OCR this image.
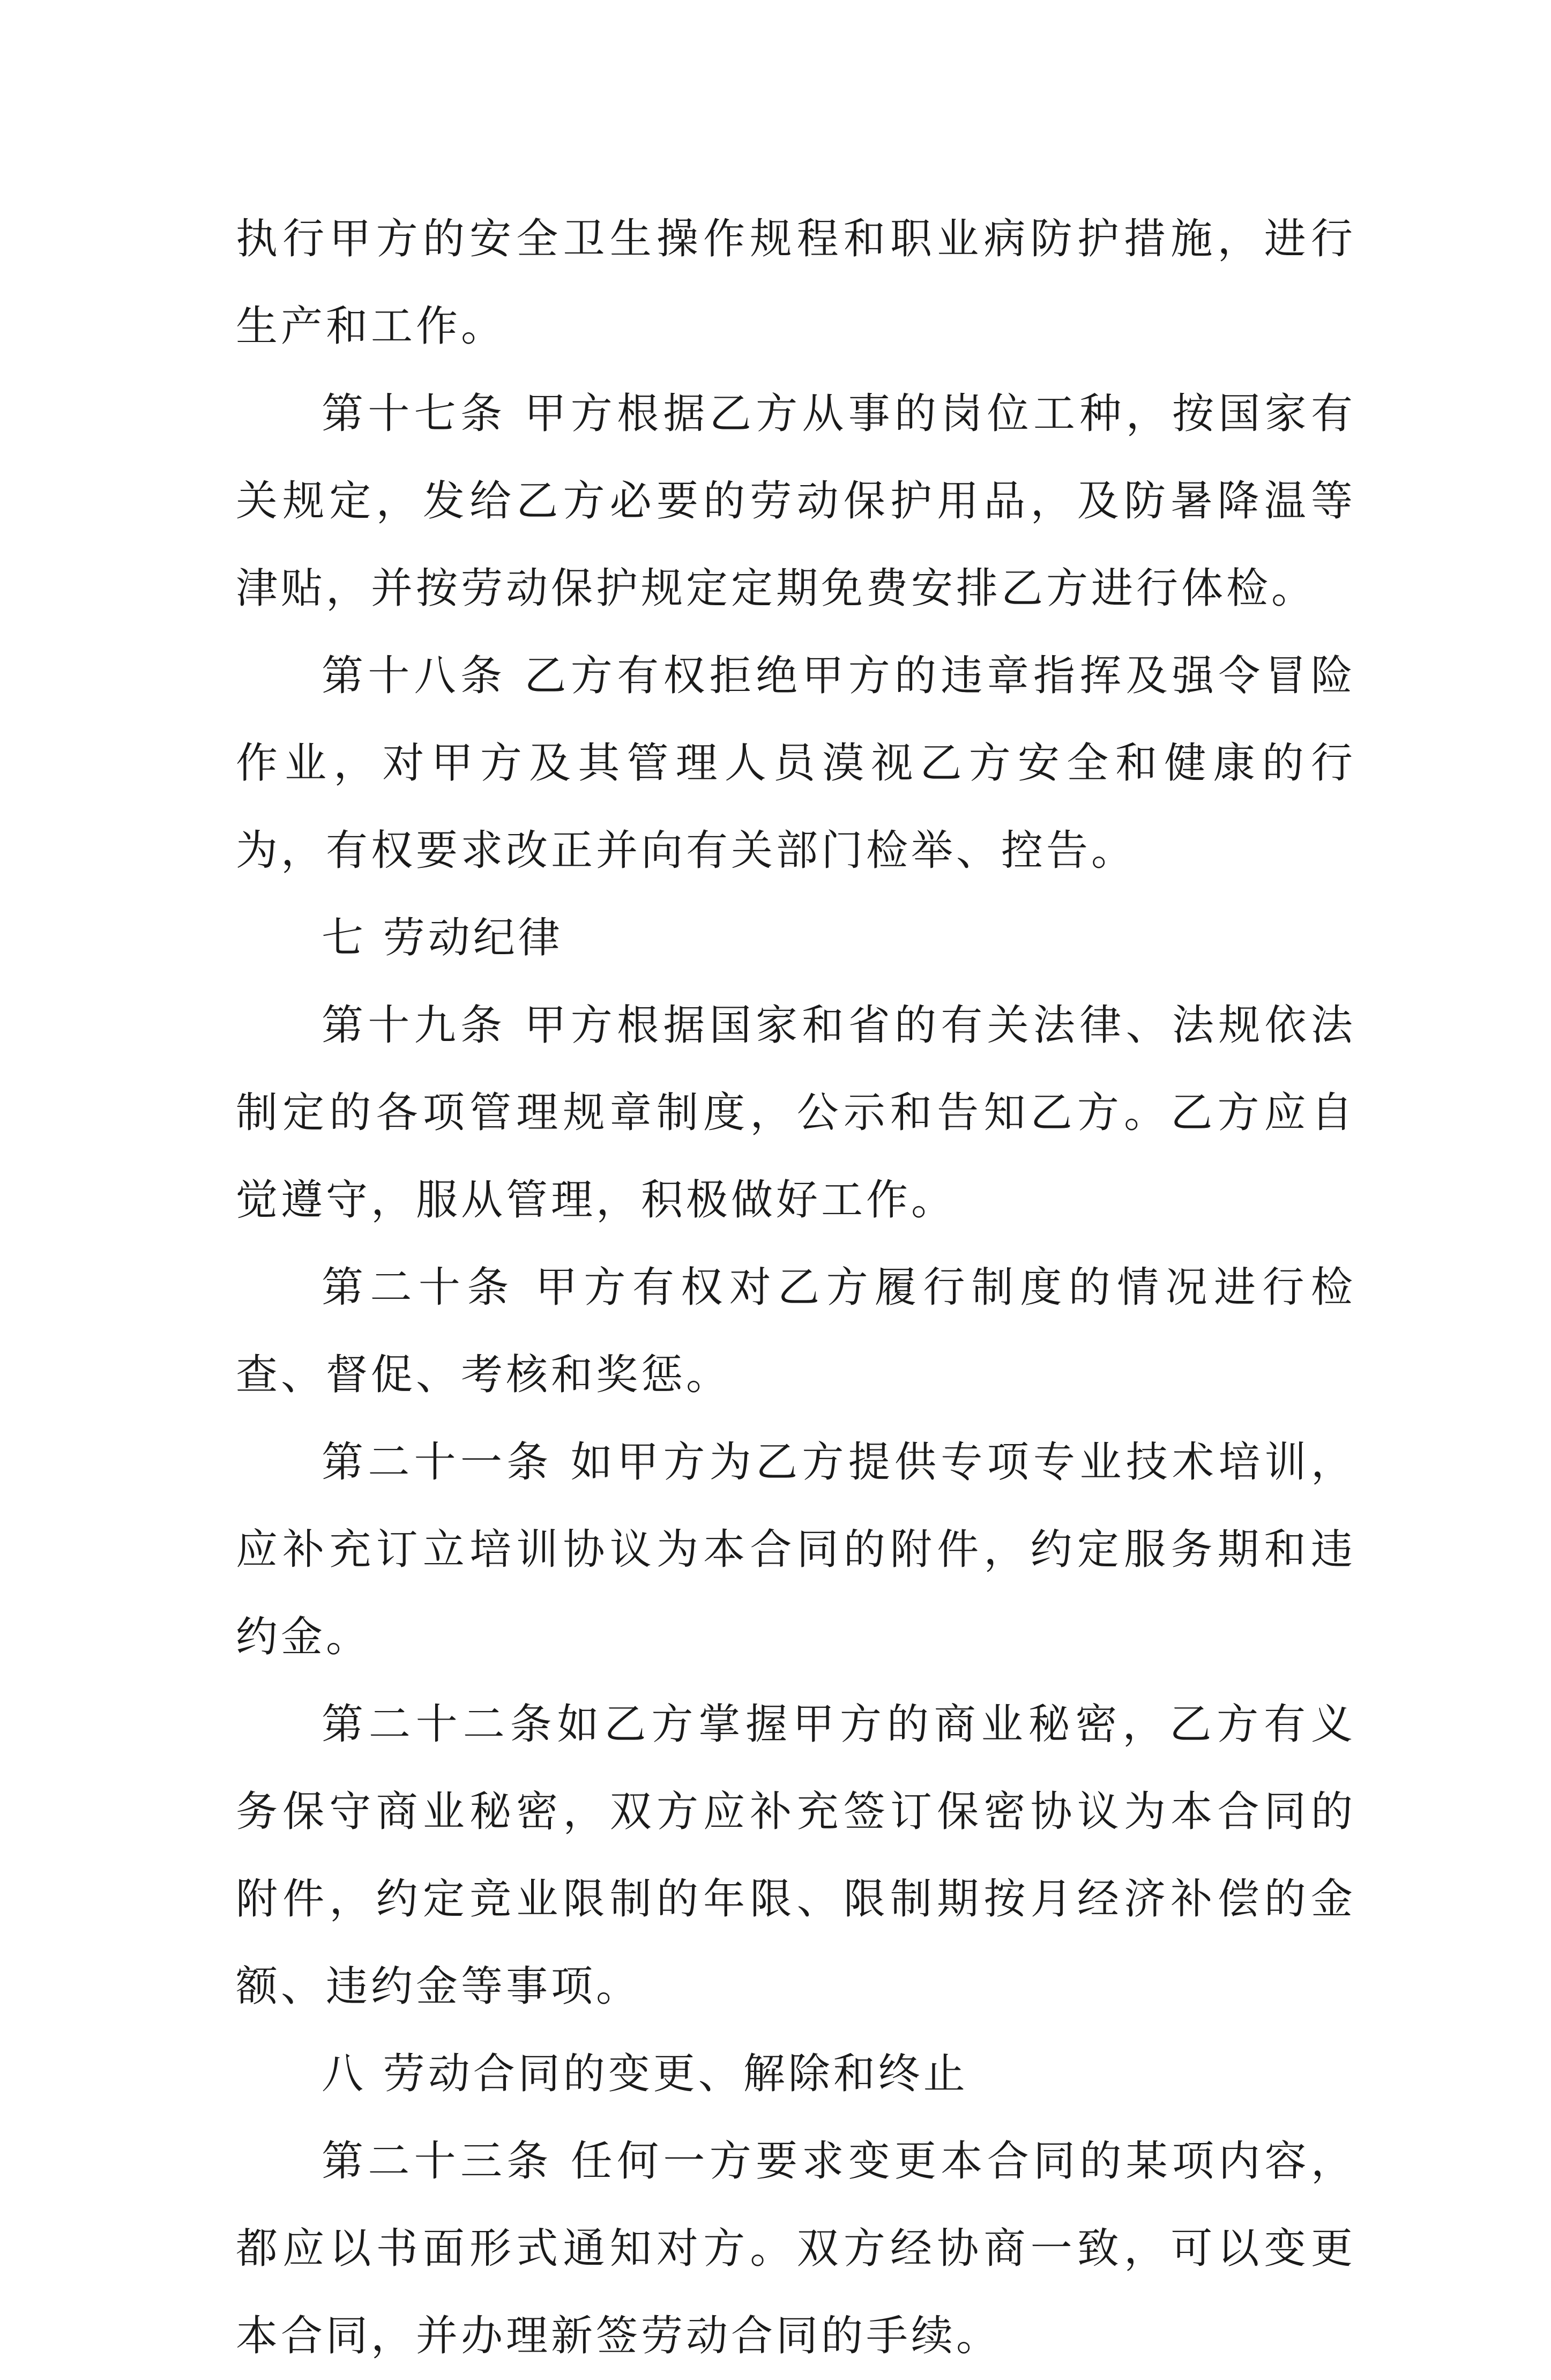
执行甲方的安全卫生操作规程和职业病防护措施，进行生产和工作。

第十七条 甲方根据乙方从事的岗位工种，按国家有关规定，发给乙方必要的劳动保护用品，及防暑降温等津贴，并按劳动保护规定定期免费安排乙方进行体检。

第十八条 乙方有权拒绝甲方的违章指挥及强令冒险作业，对甲方及其管理人员漠视乙方安全和健康的行为，有权要求改正并向有关部门检举、控告。

七 劳动纪律

第十九条 甲方根据国家和省的有关法律、法规依法制定的各项管理规章制度，公示和告知乙方。乙方应自觉遵守，服从管理，积极做好工作。

第二十条 甲方有权对乙方履行制度的情况进行检查、督促、考核和奖惩。

第二十一条 如甲方为乙方提供专项专业技术培训，应补充订立培训协议为本合同的附件，约定服务期和违约金。

第二十二条如乙方掌握甲方的商业秘密，乙方有义务保守商业秘密，双方应补充签订保密协议为本合同的附件，约定竞业限制的年限、限制期按月经济补偿的金额、违约金等事项。

八 劳动合同的变更、解除和终止

第二十三条 任何一方要求变更本合同的某项内容，都应以书面形式通知对方。双方经协商一致，可以变更本合同，并办理新签劳动合同的手续。
